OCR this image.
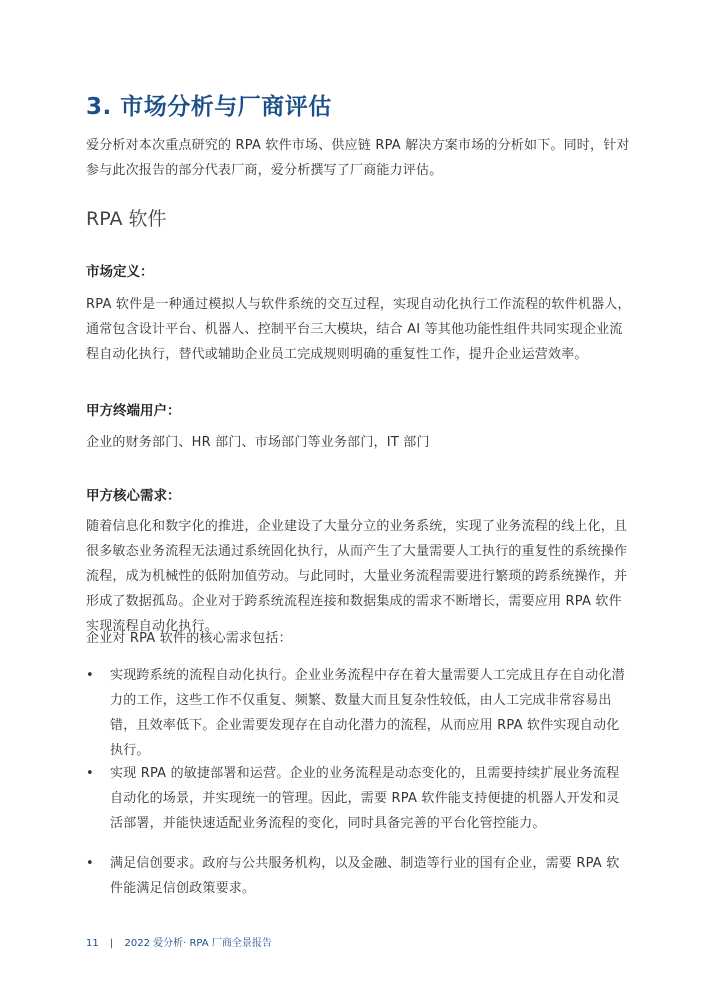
3. 市场分析与厂商评估
爱分析对本次重点研究的 RPA 软件市场、供应链 RPA 解决方案市场的分析如下。同时，针对参与此次报告的部分代表厂商，爱分析撰写了厂商能力评估。
RPA 软件
市场定义：
RPA 软件是一种通过模拟人与软件系统的交互过程，实现自动化执行工作流程的软件机器人，通常包含设计平台、机器人、控制平台三大模块，结合 AI 等其他功能性组件共同实现企业流程自动化执行，替代或辅助企业员工完成规则明确的重复性工作，提升企业运营效率。
甲方终端用户：
企业的财务部门、HR 部门、市场部门等业务部门，IT 部门
甲方核心需求：
随着信息化和数字化的推进，企业建设了大量分立的业务系统，实现了业务流程的线上化，且很多敏态业务流程无法通过系统固化执行，从而产生了大量需要人工执行的重复性的系统操作流程，成为机械性的低附加值劳动。与此同时，大量业务流程需要进行繁琐的跨系统操作，并形成了数据孤岛。企业对于跨系统流程连接和数据集成的需求不断增长，需要应用 RPA 软件实现流程自动化执行。
企业对 RPA 软件的核心需求包括：
• 实现跨系统的流程自动化执行。企业业务流程中存在着大量需要人工完成且存在自动化潜力的工作，这些工作不仅重复、频繁、数量大而且复杂性较低，由人工完成非常容易出错，且效率低下。企业需要发现存在自动化潜力的流程，从而应用 RPA 软件实现自动化执行。
• 实现 RPA 的敏捷部署和运营。企业的业务流程是动态变化的，且需要持续扩展业务流程自动化的场景，并实现统一的管理。因此，需要 RPA 软件能支持便捷的机器人开发和灵活部署，并能快速适配业务流程的变化，同时具备完善的平台化管控能力。
• 满足信创要求。政府与公共服务机构，以及金融、制造等行业的国有企业，需要 RPA 软件能满足信创政策要求。
11 | 2022 爱分析· RPA 厂商全景报告
